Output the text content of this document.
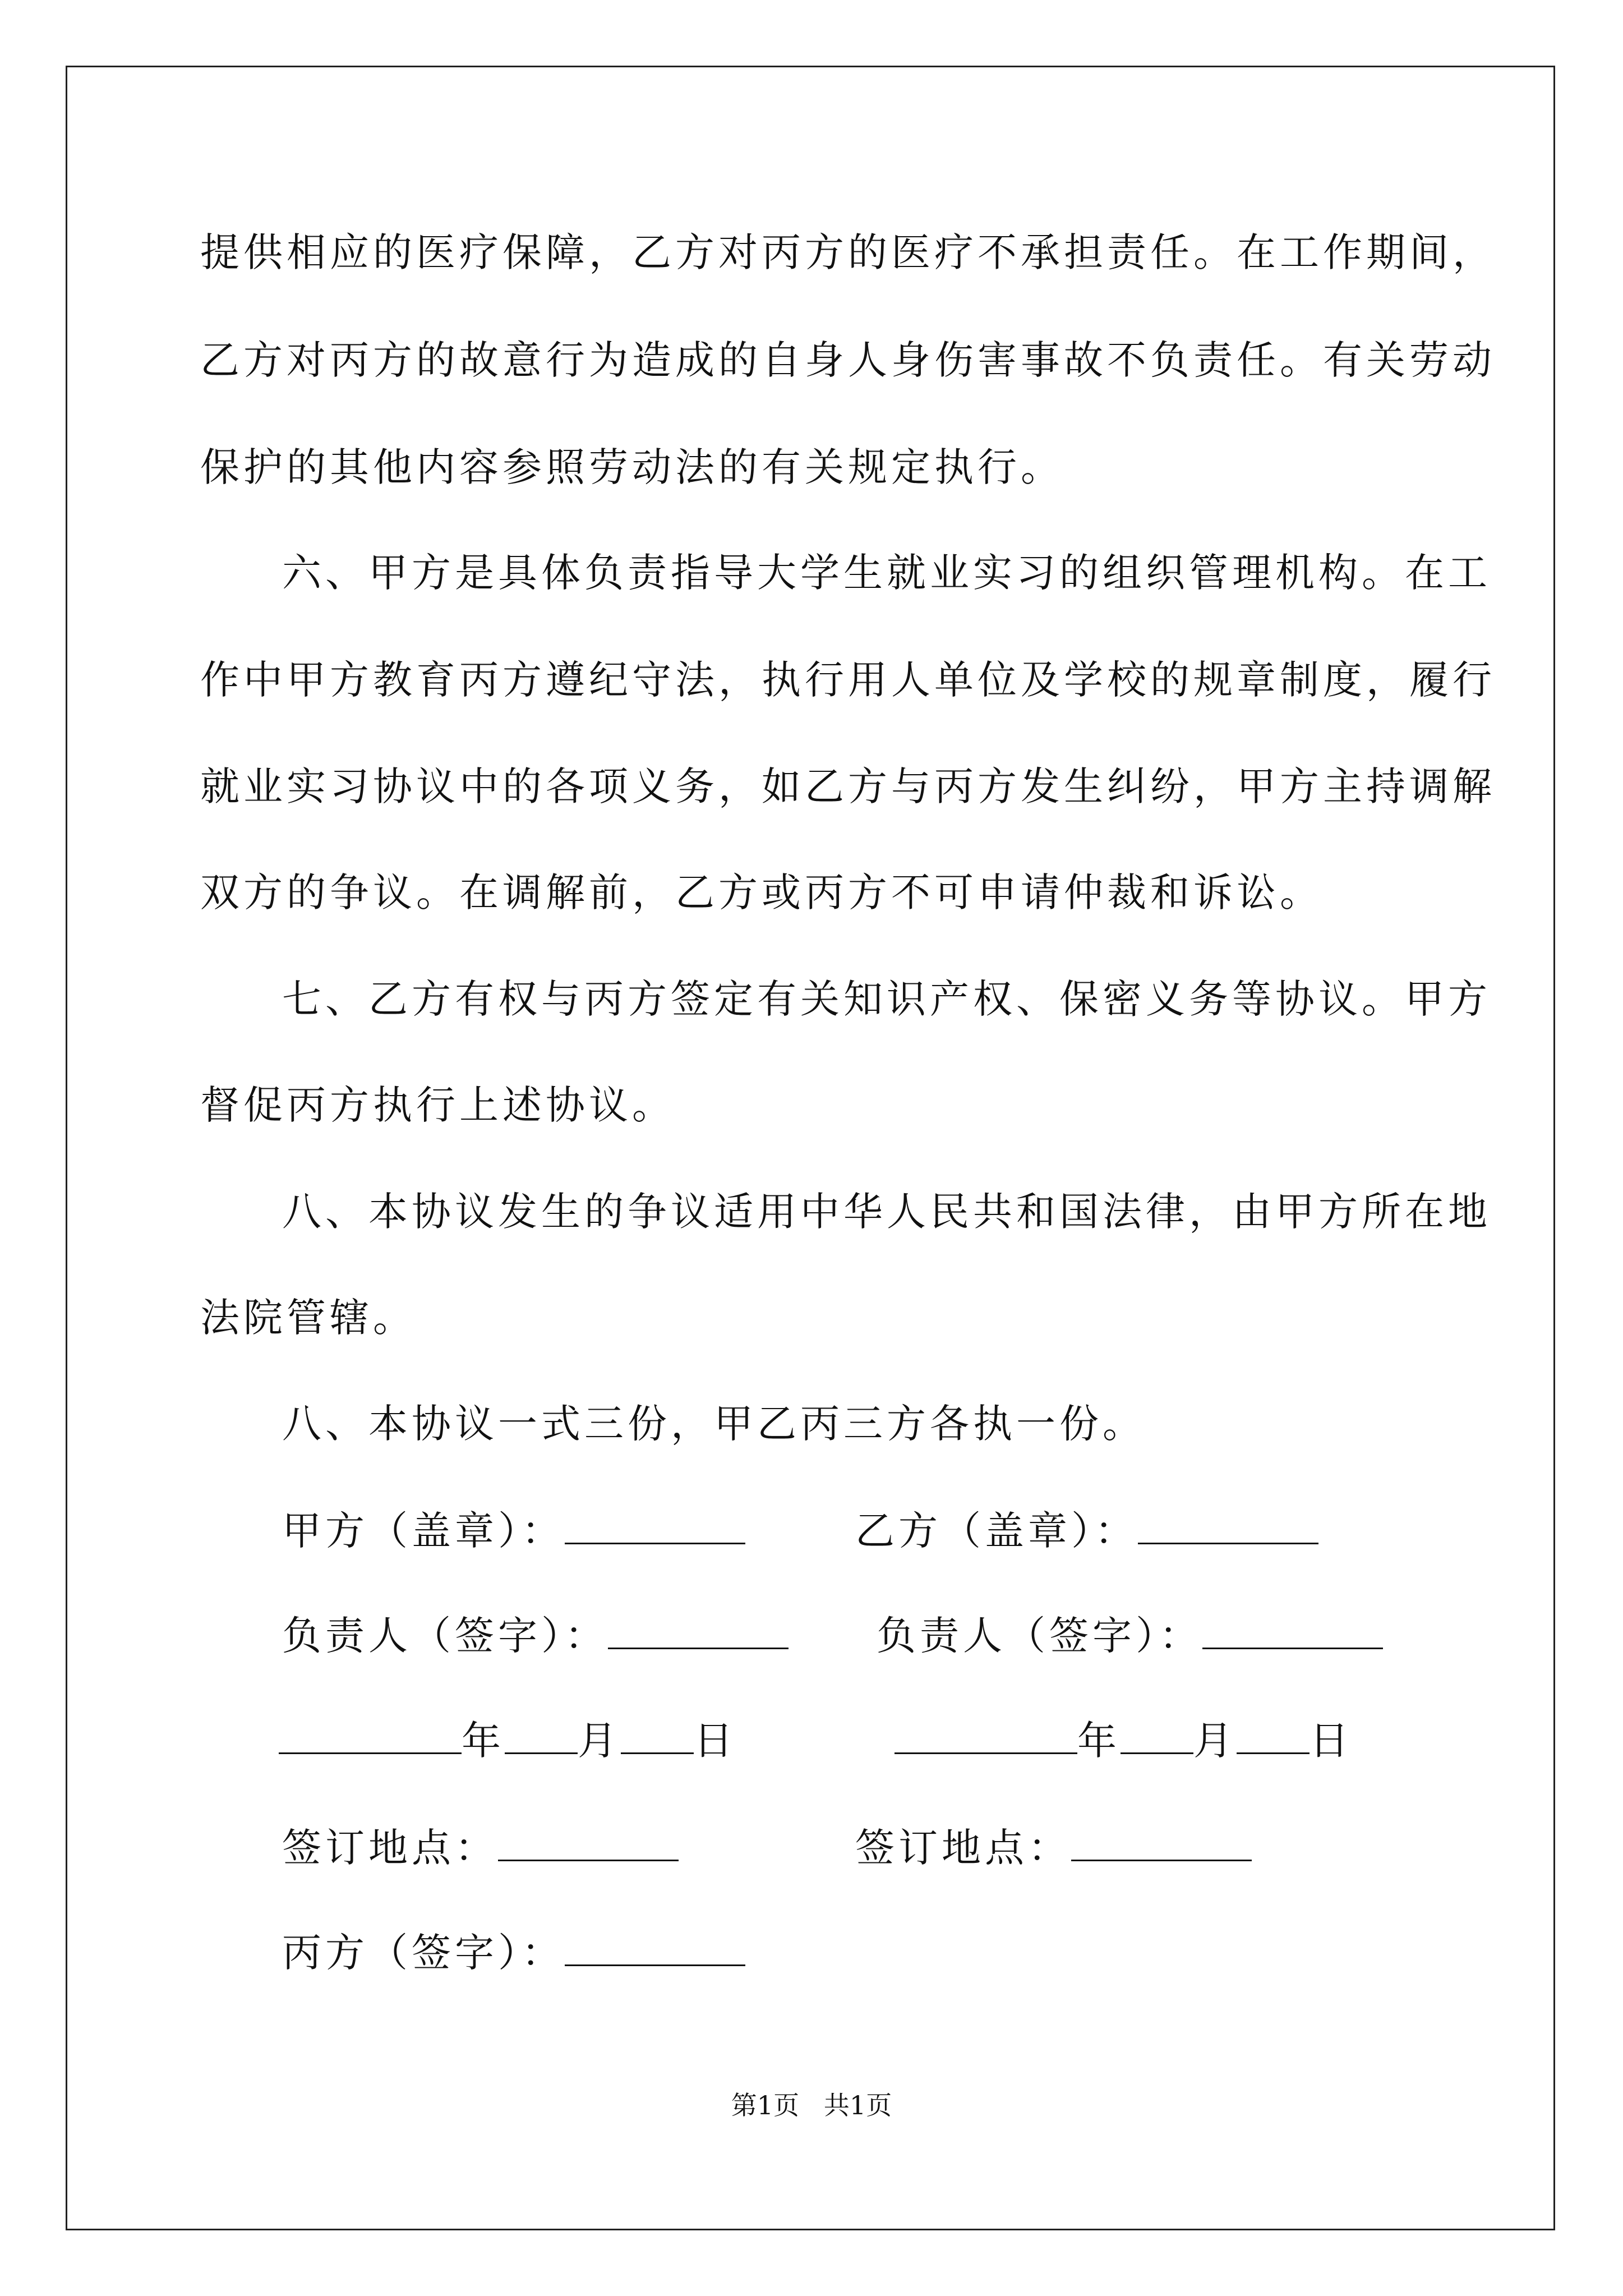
提供相应的医疗保障，乙方对丙方的医疗不承担责任。在工作期间，
乙方对丙方的故意行为造成的自身人身伤害事故不负责任。有关劳动
保护的其他内容参照劳动法的有关规定执行。
六、甲方是具体负责指导大学生就业实习的组织管理机构。在工
作中甲方教育丙方遵纪守法，执行用人单位及学校的规章制度，履行
就业实习协议中的各项义务，如乙方与丙方发生纠纷，甲方主持调解
双方的争议。在调解前，乙方或丙方不可申请仲裁和诉讼。
七、乙方有权与丙方签定有关知识产权、保密义务等协议。甲方
督促丙方执行上述协议。
八、本协议发生的争议适用中华人民共和国法律，由甲方所在地
法院管辖。
八、本协议一式三份，甲乙丙三方各执一份。
甲方（盖章）：	乙方（盖章）：
负责人（签字）：	负责人（签字）：
年 月 日	年 月 日
签订地点：	签订地点：
丙方（签字）：
第1页   共1页
